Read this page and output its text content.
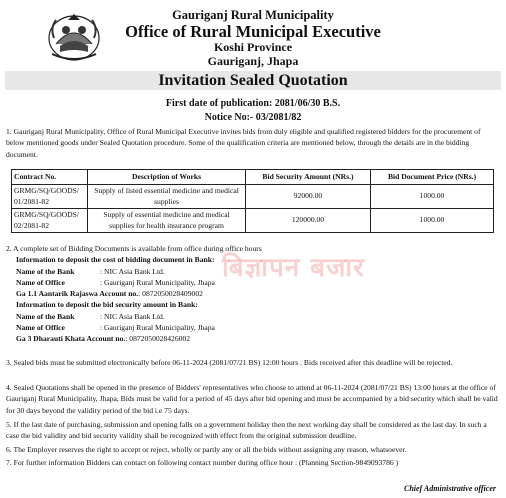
Gauriganj Rural Municipality
Office of Rural Municipal Executive
Koshi Province
Gauriganj, Jhapa
Invitation Sealed Quotation
First date of publication: 2081/06/30 B.S.
Notice No:- 03/2081/82
1. Gauriganj Rural Municipality, Office of Rural Municipal Executive invites bids from duly eligible and qualified registered bidders for the procurement of below mentioned goods under Sealed Quotation procedure. Some of the qualification criteria are mentioned below, through the details are in the bidding document.
Contract No.	Description of Works	Bid Security Amount (NRs.)	Bid Document Price (NRs.)
GRMG/SQ/GOODS/ 01/2081-82	Supply of listed essential medicine and medical supplies	92000.00	1000.00
GRMG/SQ/GOODS/ 02/2081-82	Supply of essential medicine and medical supplies for health insurance program	120000.00	1000.00
2. A complete set of Bidding Documents is available from office during office hours
Information to deposit the cost of bidding document in Bank:
Name of the Bank	: NIC Asia Bank Ltd.
Name of Office	: Gauriganj Rural Municipality, Jhapa
Ga 1.1 Aantarik Rajaswa Account no.: 0872050028409002
Information to deposit the bid security amount in Bank:
Name of the Bank	: NIC Asia Bank Ltd.
Name of Office	: Gauriganj Rural Municipality, Jhapa
Ga 3 Dharauti Khata Account no.: 0872050028426002
बिज्ञापन बजार
3. Sealed bids must be submitted electronically before 06-11-2024 (2081/07/21 BS) 12:00 hours . Bids received after this deadline will be rejected.
4. Sealed Quotations shall be opened in the presence of Bidders' representatives who choose to attend at 06-11-2024 (2081/07/21 BS) 13:00 hours at the office of Gauriganj Rural Municipality, Jhapa, Bids must be valid for a period of 45 days after bid opening and must be accompanied by a bid security which shall be valid for 30 days beyond the validity period of the bid i.e 75 days.
5. If the last date of purchasing, submission and opening falls on a government holiday then the next working day shall be considered as the last day. In such a case the bid validity and bid security validity shall be recognized with effect from the original submission deadline.
6. The Employer reserves the right to accept or reject, wholly or partly any or all the bids without assigning any reason, whatsoever.
7. For further information Bidders can contact on following contact number during office hour : (Planning Section-9849093786 )
Chief Administrative officer
